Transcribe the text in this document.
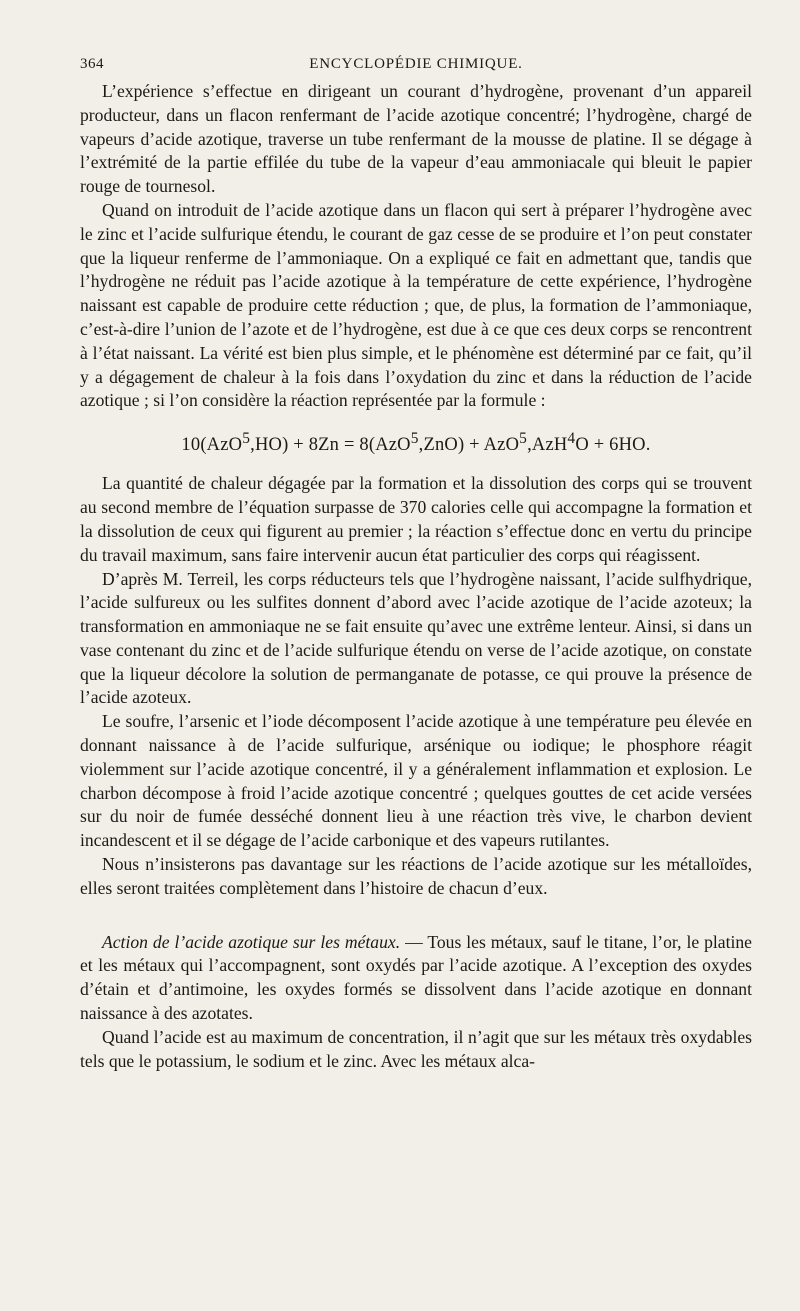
364	ENCYCLOPÉDIE CHIMIQUE.

L’expérience s’effectue en dirigeant un courant d’hydrogène, provenant d’un appareil producteur, dans un flacon renfermant de l’acide azotique concentré; l’hydrogène, chargé de vapeurs d’acide azotique, traverse un tube renfermant de la mousse de platine. Il se dégage à l’extrémité de la partie effilée du tube de la vapeur d’eau ammoniacale qui bleuit le papier rouge de tournesol.

Quand on introduit de l’acide azotique dans un flacon qui sert à préparer l’hydrogène avec le zinc et l’acide sulfurique étendu, le courant de gaz cesse de se produire et l’on peut constater que la liqueur renferme de l’ammoniaque. On a expliqué ce fait en admettant que, tandis que l’hydrogène ne réduit pas l’acide azotique à la température de cette expérience, l’hydrogène naissant est capable de produire cette réduction ; que, de plus, la formation de l’ammoniaque, c’est-à-dire l’union de l’azote et de l’hydrogène, est due à ce que ces deux corps se rencontrent à l’état naissant. La vérité est bien plus simple, et le phénomène est déterminé par ce fait, qu’il y a dégagement de chaleur à la fois dans l’oxydation du zinc et dans la réduction de l’acide azotique ; si l’on considère la réaction représentée par la formule :

10(AzO$^5$,HO) + 8Zn = 8(AzO$^5$,ZnO) + AzO$^5$,AzH$^4$O + 6HO.

La quantité de chaleur dégagée par la formation et la dissolution des corps qui se trouvent au second membre de l’équation surpasse de 370 calories celle qui accompagne la formation et la dissolution de ceux qui figurent au premier ; la réaction s’effectue donc en vertu du principe du travail maximum, sans faire intervenir aucun état particulier des corps qui réagissent.

D’après M. Terreil, les corps réducteurs tels que l’hydrogène naissant, l’acide sulfhydrique, l’acide sulfureux ou les sulfites donnent d’abord avec l’acide azotique de l’acide azoteux; la transformation en ammoniaque ne se fait ensuite qu’avec une extrême lenteur. Ainsi, si dans un vase contenant du zinc et de l’acide sulfurique étendu on verse de l’acide azotique, on constate que la liqueur décolore la solution de permanganate de potasse, ce qui prouve la présence de l’acide azoteux.

Le soufre, l’arsenic et l’iode décomposent l’acide azotique à une température peu élevée en donnant naissance à de l’acide sulfurique, arsénique ou iodique; le phosphore réagit violemment sur l’acide azotique concentré, il y a généralement inflammation et explosion. Le charbon décompose à froid l’acide azotique concentré ; quelques gouttes de cet acide versées sur du noir de fumée desséché donnent lieu à une réaction très vive, le charbon devient incandescent et il se dégage de l’acide carbonique et des vapeurs rutilantes.

Nous n’insisterons pas davantage sur les réactions de l’acide azotique sur les métalloïdes, elles seront traitées complètement dans l’histoire de chacun d’eux.

Action de l’acide azotique sur les métaux. — Tous les métaux, sauf le titane, l’or, le platine et les métaux qui l’accompagnent, sont oxydés par l’acide azotique. A l’exception des oxydes d’étain et d’antimoine, les oxydes formés se dissolvent dans l’acide azotique en donnant naissance à des azotates.

Quand l’acide est au maximum de concentration, il n’agit que sur les métaux très oxydables tels que le potassium, le sodium et le zinc. Avec les métaux alca-
